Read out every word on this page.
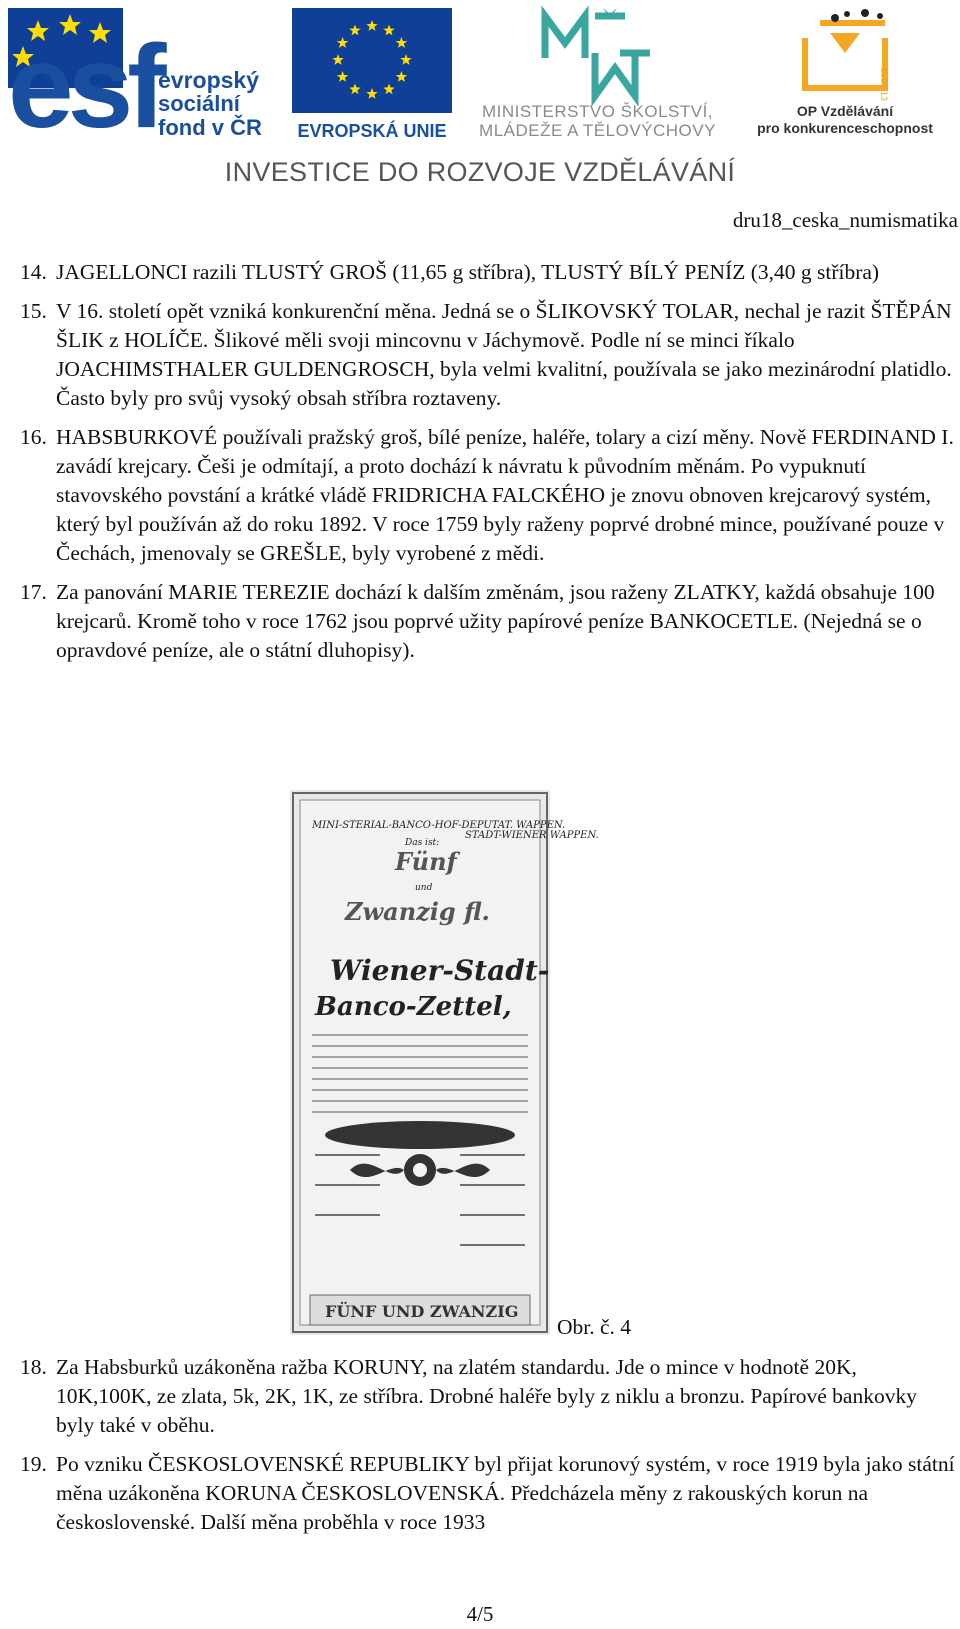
esf
evropský
sociální
fond v ČR	EVROPSKÁ UNIE
MINISTERSTVO ŠKOLSTVÍ,
MLÁDEŽE A TĚLOVÝCHOVY
2007-13
OP Vzdělávání
pro konkurenceschopnost
INVESTICE DO ROZVOJE VZDĚLÁVÁNÍ
dru18_ceska_numismatika
14. JAGELLONCI razili TLUSTÝ GROŠ (11,65 g stříbra), TLUSTÝ BÍLÝ PENÍZ (3,40 g stříbra)
15. V 16. století opět vzniká konkurenční měna. Jedná se o ŠLIKOVSKÝ TOLAR, nechal je razit ŠTĚPÁN ŠLIK z HOLÍČE. Šlikové měli svoji mincovnu v Jáchymově. Podle ní se minci říkalo JOACHIMSTHALER GULDENGROSCH, byla velmi kvalitní, používala se jako mezinárodní platidlo. Často byly pro svůj vysoký obsah stříbra roztaveny.
16. HABSBURKOVÉ používali pražský groš, bílé peníze, haléře, tolary a cizí měny. Nově FERDINAND I. zavádí krejcary. Češi je odmítají, a proto dochází k návratu k původním měnám. Po vypuknutí stavovského povstání a krátké vládě FRIDRICHA FALCKÉHO je znovu obnoven krejcarový systém, který byl používán až do roku 1892. V roce 1759 byly raženy poprvé drobné mince, používané pouze v Čechách, jmenovaly se GREŠLE, byly vyrobené z mědi.
17. Za panování MARIE TEREZIE dochází k dalším změnám, jsou raženy ZLATKY, každá obsahuje 100 krejcarů. Kromě toho v roce 1762 jsou poprvé užity papírové peníze BANKOCETLE. (Nejedná se o opravdové peníze, ale o státní dluhopisy).
MINI-STERIAL-BANCO-HOF-DEPUTAT. WAPPEN.
STADT-WIENER WAPPEN.
Das ist:
Fünf
und
Zwanzig fl.
Wiener-Stadt-
Banco-Zettel,
FÜNF UND ZWANZIG
Obr. č. 4
18. Za Habsburků uzákoněna ražba KORUNY, na zlatém standardu. Jde o mince v hodnotě 20K, 10K,100K, ze zlata, 5k, 2K, 1K, ze stříbra. Drobné haléře byly z niklu a bronzu. Papírové bankovky byly také v oběhu.
19. Po vzniku ČESKOSLOVENSKÉ REPUBLIKY byl přijat korunový systém, v roce 1919 byla jako státní měna uzákoněna KORUNA ČESKOSLOVENSKÁ. Předcházela měny z rakouských korun na československé. Další měna proběhla v roce 1933
4/5
